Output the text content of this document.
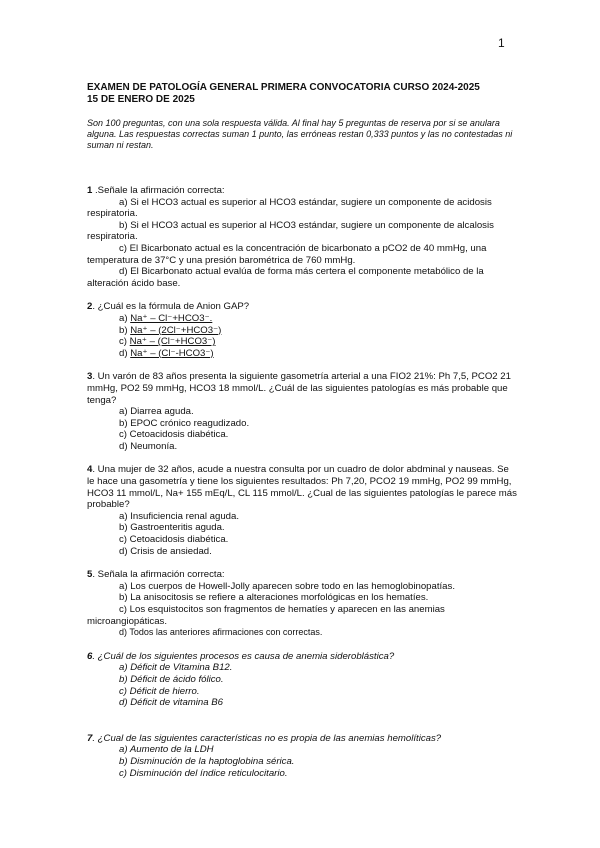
1

EXAMEN DE PATOLOGÍA GENERAL PRIMERA CONVOCATORIA CURSO 2024-2025

15 DE ENERO DE 2025

Son 100 preguntas, con una sola respuesta válida. Al final hay 5 preguntas de reserva por si se anulara alguna. Las respuestas correctas suman 1 punto, las erróneas restan 0,333 puntos y las no contestadas ni suman ni restan.

1 .Señale la afirmación correcta:

a) Si el HCO3 actual es superior al HCO3 estándar, sugiere un componente de acidosis respiratoria.

b) Si el HCO3 actual es superior al HCO3 estándar, sugiere un componente de alcalosis respiratoria.

c) El Bicarbonato actual es la concentración de bicarbonato a pCO2 de 40 mmHg, una temperatura de 37°C y una presión barométrica de 760 mmHg.

d) El Bicarbonato actual evalúa de forma más certera el componente metabólico de la alteración ácido base.

2. ¿Cuál es la fórmula de Anion GAP?

a) Na⁺ – Cl⁻+HCO3⁻.

b) Na⁺ – (2Cl⁻+HCO3⁻)

c) Na⁺ – (Cl⁻+HCO3⁻)

d) Na⁺ – (Cl⁻-HCO3⁻)

3. Un varón de 83 años presenta la siguiente gasometría arterial a una FIO2 21%: Ph 7,5, PCO2 21 mmHg, PO2 59 mmHg, HCO3 18 mmol/L. ¿Cuál de las siguientes patologías es más probable que tenga?

a) Diarrea aguda.

b) EPOC crónico reagudizado.

c) Cetoacidosis diabética.

d) Neumonía.

4. Una mujer de 32 años, acude a nuestra consulta por un cuadro de dolor abdminal y nauseas. Se le hace una gasometría y tiene los siguientes resultados: Ph 7,20, PCO2 19 mmHg, PO2 99 mmHg, HCO3 11 mmol/L, Na+ 155 mEq/L, CL 115 mmol/L. ¿Cual de las siguientes patologías le parece más probable?

a) Insuficiencia renal aguda.

b) Gastroenteritis aguda.

c) Cetoacidosis diabética.

d) Crisis de ansiedad.

5. Señala la afirmación correcta:

a) Los cuerpos de Howell-Jolly aparecen sobre todo en las hemoglobinopatías.

b) La anisocitosis se refiere a alteraciones morfológicas en los hematíes.

c) Los esquistocitos son fragmentos de hematíes y aparecen en las anemias microangiopáticas.

d) Todos las anteriores afirmaciones con correctas.

6. ¿Cuál de los siguientes procesos es causa de anemia sideroblástica?

a) Déficit de Vitamina B12.

b) Déficit de ácido fólico.

c) Déficit de hierro.

d) Déficit de vitamina B6

7. ¿Cual de las siguientes características no es propia de las anemias hemolíticas?

a) Aumento de la LDH

b) Disminución de la haptoglobina sérica.

c) Disminución del índice reticulocitario.
